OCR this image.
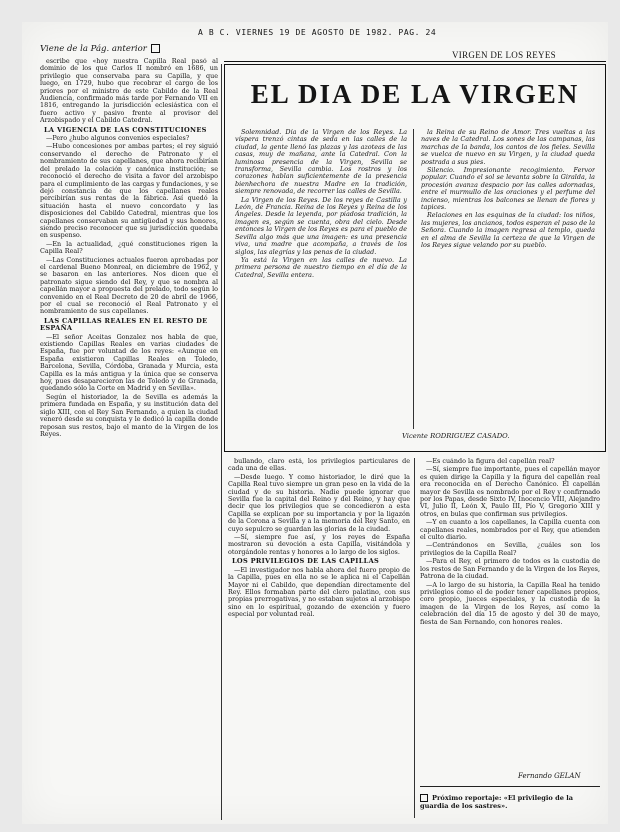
A B C. VIERNES 19 DE AGOSTO DE 1982. PAG. 24
Viene de la Pág. anterior
VIRGEN DE LOS REYES

escribe que «hoy nuestra Capilla Real pasó al dominio de los que Carlos II nombró en 1686, un privilegio que conservaba para su Capilla, y que luego, en 1729, hubo que recobrar el cargo de los priores por el ministro de este Cabildo de la Real Audiencia, confirmado más tarde por Fernando VII en 1816, entregando la jurisdicción eclesiástica con el fuero activo y pasivo frente al provisor del Arzobispado y el Cabildo Catedral.

LA VIGENCIA DE LAS CONSTITUCIONES

—Pero ¿hubo algunos convenios especiales?

—Hubo concesiones por ambas partes; el rey siguió conservando el derecho de Patronato y el nombramiento de sus capellanes, que ahora recibirían del prelado la colación y canónica institución; se reconoció el derecho de visita a favor del arzobispo para el cumplimiento de las cargas y fundaciones, y se dejó constancia de que los capellanes reales percibirían sus rentas de la fábrica. Así quedó la situación hasta el nuevo concordato y las disposiciones del Cabildo Catedral, mientras que los capellanes conservaban su antigüedad y sus honores, siendo preciso reconocer que su jurisdicción quedaba en suspenso.

—En la actualidad, ¿qué constituciones rigen la Capilla Real?

—Las Constituciones actuales fueron aprobadas por el cardenal Bueno Monreal, en diciembre de 1962, y se basaron en las anteriores. Nos dicen que el patronato sigue siendo del Rey, y que se nombra al capellán mayor a propuesta del prelado, todo según lo convenido en el Real Decreto de 20 de abril de 1966, por el cual se reconoció el Real Patronato y el nombramiento de sus capellanes.

LAS CAPILLAS REALES EN EL RESTO DE ESPAÑA

—El señor Aceitas Gonzalez nos habla de que, existiendo Capillas Reales en varias ciudades de España, fue por voluntad de los reyes: «Aunque en España existieron Capillas Reales en Toledo, Barcelona, Sevilla, Córdoba, Granada y Murcia, esta Capilla es la más antigua y la única que se conserva hoy, pues desaparecieron las de Toledo y de Granada, quedando sólo la Corte en Madrid y en Sevilla».

Según el historiador, la de Sevilla es además la primera fundada en España, y su institución data del siglo XIII, con el Rey San Fernando, a quien la ciudad veneró desde su conquista y le dedicó la capilla donde reposan sus restos, bajo el manto de la Virgen de los Reyes.

EL DIA DE LA VIRGEN

Solemnidad. Día de la Virgen de los Reyes. La víspera trenzó cintas de seda en las calles de la ciudad, la gente llenó las plazas y las azoteas de las casas, muy de mañana, ante la Catedral. Con la luminosa presencia de la Virgen, Sevilla se transforma, Sevilla cambia. Los rostros y los corazones hablan suficientemente de la presencia bienhechora de nuestra Madre en la tradición, siempre renovada, de recorrer las calles de Sevilla.

La Virgen de los Reyes. De los reyes de Castilla y León, de Francia. Reina de los Reyes y Reina de los Ángeles. Desde la leyenda, por piadosa tradición, la imagen es, según se cuenta, obra del cielo. Desde entonces la Virgen de los Reyes es para el pueblo de Sevilla algo más que una imagen: es una presencia viva, una madre que acompaña, a través de los siglos, las alegrías y las penas de la ciudad.

Ya está la Virgen en las calles de nuevo. La primera persona de nuestro tiempo en el día de la Catedral, Sevilla entera.

la Reina de su Reino de Amor. Tres vueltas a las naves de la Catedral. Los sones de las campanas, las marchas de la banda, los cantos de los fieles. Sevilla se vuelca de nuevo en su Virgen, y la ciudad queda postrada a sus pies.

Silencio. Impresionante recogimiento. Fervor popular. Cuando el sol se levanta sobre la Giralda, la procesión avanza despacio por las calles adornadas, entre el murmullo de las oraciones y el perfume del incienso, mientras los balcones se llenan de flores y tapices.

Relaciones en las esquinas de la ciudad: los niños, las mujeres, los ancianos, todos esperan el paso de la Señora. Cuando la imagen regresa al templo, queda en el alma de Sevilla la certeza de que la Virgen de los Reyes sigue velando por su pueblo.

Vicente RODRIGUEZ CASADO.

bullando, claro está, los privilegios particulares de cada una de ellas.

—Desde luego. Y como historiador, le diré que la Capilla Real tuvo siempre un gran peso en la vida de la ciudad y de su historia. Nadie puede ignorar que Sevilla fue la capital del Reino y del Reino, y hay que decir que los privilegios que se concedieron a esta Capilla se explican por su importancia y por la ligazón de la Corona a Sevilla y a la memoria del Rey Santo, en cuyo sepulcro se guardan las glorias de la ciudad.

—Sí, siempre fue así, y los reyes de España mostraron su devoción a esta Capilla, visitándola y otorgándole rentas y honores a lo largo de los siglos.

LOS PRIVILEGIOS DE LAS CAPILLAS

—El investigador nos habla ahora del fuero propio de la Capilla, pues en ella no se le aplica ni el Capellán Mayor ni el Cabildo, que dependían directamente del Rey. Ellos formaban parte del clero palatino, con sus propias prerrogativas, y no estaban sujetos al arzobispo sino en lo espiritual, gozando de exención y fuero especial por voluntad real.

—Es cuándo la figura del capellán real?

—Sí, siempre fue importante, pues el capellán mayor es quien dirige la Capilla y la figura del capellán real era reconocida en el Derecho Canónico. El capellán mayor de Sevilla es nombrado por el Rey y confirmado por los Papas, desde Sixto IV, Inocencio VIII, Alejandro VI, Julio II, León X, Paulo III, Pío V, Gregorio XIII y otros, en bulas que confirman sus privilegios.

—Y en cuanto a los capellanes, la Capilla cuenta con capellanes reales, nombrados por el Rey, que atienden el culto diario.

—Centrándonos en Sevilla, ¿cuáles son los privilegios de la Capilla Real?

—Para el Rey, el primero de todos es la custodia de los restos de San Fernando y de la Virgen de los Reyes, Patrona de la ciudad.

—A lo largo de su historia, la Capilla Real ha tenido privilegios como el de poder tener capellanes propios, coro propio, jueces especiales, y la custodia de la imagen de la Virgen de los Reyes, así como la celebración del día 15 de agosto y del 30 de mayo, fiesta de San Fernando, con honores reales.

Fernando GELAN
Próximo reportaje: «El privilegio de la guardia de los sastres».
